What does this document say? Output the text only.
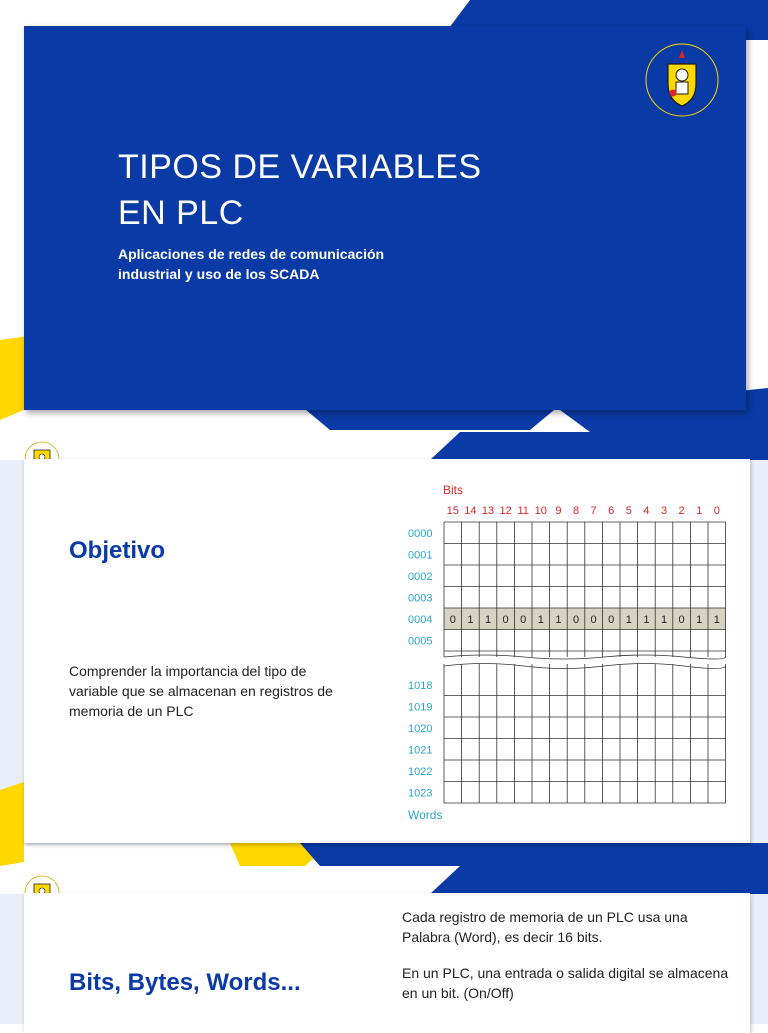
TIPOS DE VARIABLES
EN PLC

Aplicaciones de redes de comunicación
industrial y uso de los SCADA

Objetivo

Comprender la importancia del tipo de variable que se almacenan en registros de memoria de un PLC

Bits
Words
15 14 13 12 11 10 9 8 7 6 5 4 3 2 1 0
0000
0001
0002
0003
0004
0005
1018
1019
1020
1021
1022
1023
0 1 1 0 0 1 1 0 0 0 1 1 1 0 1 1
Bits, Bytes, Words...

Cada registro de memoria de un PLC usa una Palabra (Word), es decir 16 bits.

En un PLC, una entrada o salida digital se almacena en un bit. (On/Off)
